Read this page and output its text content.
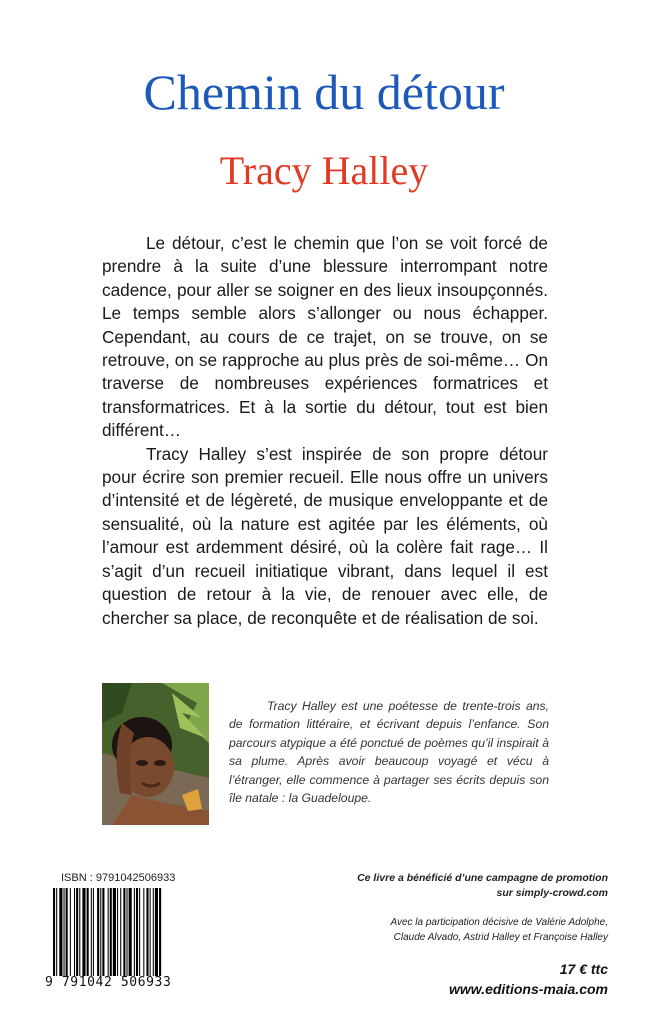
Chemin du détour
Tracy Halley

Le détour, c’est le chemin que l’on se voit forcé de prendre à la suite d’une blessure interrompant notre cadence, pour aller se soigner en des lieux insoupçonnés. Le temps semble alors s’allonger ou nous échapper. Cependant, au cours de ce trajet, on se trouve, on se retrouve, on se rapproche au plus près de soi-même… On traverse de nombreuses expériences formatrices et transformatrices. Et à la sortie du détour, tout est bien différent…

Tracy Halley s’est inspirée de son propre détour pour écrire son premier recueil. Elle nous offre un univers d’intensité et de légèreté, de musique enveloppante et de sensualité, où la nature est agitée par les éléments, où l’amour est ardemment désiré, où la colère fait rage… Il s’agit d’un recueil initiatique vibrant, dans lequel il est question de retour à la vie, de renouer avec elle, de chercher sa place, de reconquête et de réalisation de soi.

Tracy Halley est une poétesse de trente-trois ans, de formation littéraire, et écrivant depuis l’enfance. Son parcours atypique a été ponctué de poèmes qu’il inspirait à sa plume. Après avoir beaucoup voyagé et vécu à l’étranger, elle commence à partager ses écrits depuis son île natale : la Guadeloupe.

ISBN : 9791042506933
9 791042 506933

Ce livre a bénéficié d’une campagne de promotion

sur simply-crowd.com

Avec la participation décisive de Valérie Adolphe,

Claude Alvado, Astrid Halley et Françoise Halley

17 € ttc
www.editions-maia.com
